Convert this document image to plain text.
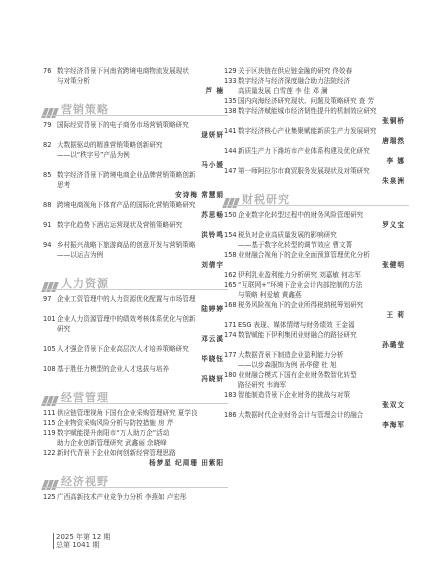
76 数字经济背景下河南省跨境电商物流发展现状
与对策分析
芦 楠
营销策略
79 国际经贸背景下的电子商务市场营销策略研究
逯妍妍
82 大数据驱动的精准营销策略创新研究
——以“秩字号”产品为例
马小媛
85 数字经济背景下跨境电商企业品牌营销策略创新
思考
安诗梅 常慧娟
88 跨境电商视角下体育产品的国际化营销策略研究
苏思畅
91 数字化趋势下酒店运营现状及营销策略研究
洪铃鸣
94 乡村振兴战略下旅游商品的创意开发与营销策略
——以运吉为例
刘倩宇
人力资源
97 企业工资管理中的人力资源优化配置与市场管理
陆婷婷
101 企业人力资源管理中的绩效考核体系优化与创新
研究
邓云溪
105 人才强企背景下企业高层次人才培养策略研究
毕晓钰
108 基于胜任力模型的企业人才选拔与培养
冯晓妍
经营管理
111 供应链管理视角下国有企业采购管理研究 夏学良
115 企业物资采购风险分析与防控措施 房 芹
119 数字赋能提升南阳市“万人助万企”活动
助力企业创新管理研究 武鑫丽 余晓峰
122 新时代背景下企业如何创新经营管理思路
杨梦星 纪周珊 田紫阳
经济视野
125 广西高新技术产业竞争力分析 李燕如 卢宏彤
129 关于区块链在供应链金融的研究 佟姣春
133 数字经济与经济深度融合助力法院经济
高质量发展 白雪莲 李 佳 邓 澜
135 国内向海经济研究现状、问题及策略研究 查 芳
138 数字经济赋能城市经济韧性提升的机制效应研究
张铜桥
141 数字经济核心产业集聚赋能新质生产力发展研究
唐瑞然
144 新质生产力下潍坊市产业体系构建及优化研究
李 娜
147 第一师阿拉尔市商贸服务发展现状及对策研究
朱泉洲
财税研究
150 企业数字化转型过程中的财务风险管理研究
罗义宝
154 税负对企业高质量发展的影响研究
——基于数字化转型的调节效应 曹文菁
158 业财融合视角下的企业全面预算管理优化分析
张健明
162 伊利乳业盈利能力分析研究 刘嘉敏 何志军
165 “互联网+”环境下企业会计内部控制的方法
与策略 柯爱敏 黄鑫燕
168 税务风险视角下的企业所得税纳税筹划研究
王 莉
171 ESG 表现、媒体情绪与财务绩效 王金福
174 数智赋能下伊利集团业财融合的路径研究
孙璐莹
177 大数据背景下制造企业盈利能力分析
——以步森服饰为例 孙华健 杜 旭
180 业财融合模式下国有企业财务数智化转型
路径研究 韦海军
183 智能制造背景下企业财务的挑战与对策
张双文
186 大数据时代企业财务会计与管理会计的融合
李海军
2025 年第 12 期
总第 1041 期
